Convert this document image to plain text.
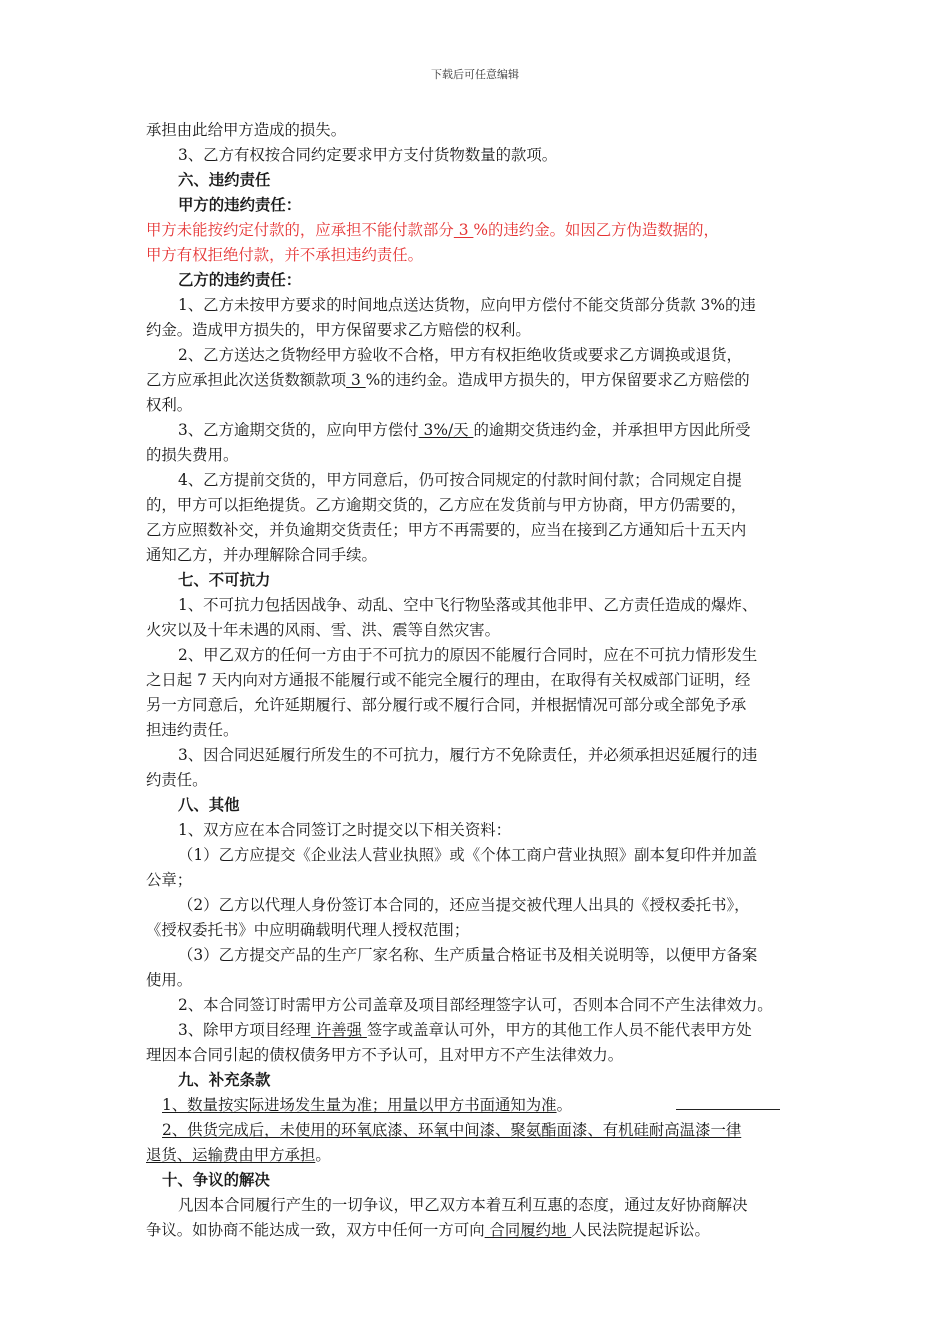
下载后可任意编辑
承担由此给甲方造成的损失。
3、乙方有权按合同约定要求甲方支付货物数量的款项。
六、违约责任
甲方的违约责任：
甲方未能按约定付款的，应承担不能付款部分 3 %的违约金。如因乙方伪造数据的，
甲方有权拒绝付款，并不承担违约责任。
乙方的违约责任：
1、乙方未按甲方要求的时间地点送达货物，应向甲方偿付不能交货部分货款 3%的违
约金。造成甲方损失的，甲方保留要求乙方赔偿的权利。
2、乙方送达之货物经甲方验收不合格，甲方有权拒绝收货或要求乙方调换或退货，
乙方应承担此次送货数额款项 3 %的违约金。造成甲方损失的，甲方保留要求乙方赔偿的
权利。
3、乙方逾期交货的，应向甲方偿付 3%/天 的逾期交货违约金，并承担甲方因此所受
的损失费用。
4、乙方提前交货的，甲方同意后，仍可按合同规定的付款时间付款；合同规定自提
的，甲方可以拒绝提货。乙方逾期交货的，乙方应在发货前与甲方协商，甲方仍需要的，
乙方应照数补交，并负逾期交货责任；甲方不再需要的，应当在接到乙方通知后十五天内
通知乙方，并办理解除合同手续。
七、不可抗力
1、不可抗力包括因战争、动乱、空中飞行物坠落或其他非甲、乙方责任造成的爆炸、
火灾以及十年未遇的风雨、雪、洪、震等自然灾害。
2、甲乙双方的任何一方由于不可抗力的原因不能履行合同时，应在不可抗力情形发生
之日起 7 天内向对方通报不能履行或不能完全履行的理由，在取得有关权威部门证明，经
另一方同意后，允许延期履行、部分履行或不履行合同，并根据情况可部分或全部免予承
担违约责任。
3、因合同迟延履行所发生的不可抗力，履行方不免除责任，并必须承担迟延履行的违
约责任。
八、其他
1、双方应在本合同签订之时提交以下相关资料：
（1）乙方应提交《企业法人营业执照》或《个体工商户营业执照》副本复印件并加盖
公章；
（2）乙方以代理人身份签订本合同的，还应当提交被代理人出具的《授权委托书》，
《授权委托书》中应明确载明代理人授权范围；
（3）乙方提交产品的生产厂家名称、生产质量合格证书及相关说明等，以便甲方备案
使用。
2、本合同签订时需甲方公司盖章及项目部经理签字认可，否则本合同不产生法律效力。
3、除甲方项目经理 许善强 签字或盖章认可外，甲方的其他工作人员不能代表甲方处
理因本合同引起的债权债务甲方不予认可，且对甲方不产生法律效力。
九、补充条款
1、数量按实际进场发生量为准；用量以甲方书面通知为准。
2、供货完成后，未使用的环氧底漆、环氧中间漆、聚氨酯面漆、有机硅耐高温漆一律
退货、运输费由甲方承担。
十、争议的解决
凡因本合同履行产生的一切争议，甲乙双方本着互利互惠的态度，通过友好协商解决
争议。如协商不能达成一致，双方中任何一方可向 合同履约地 人民法院提起诉讼。
